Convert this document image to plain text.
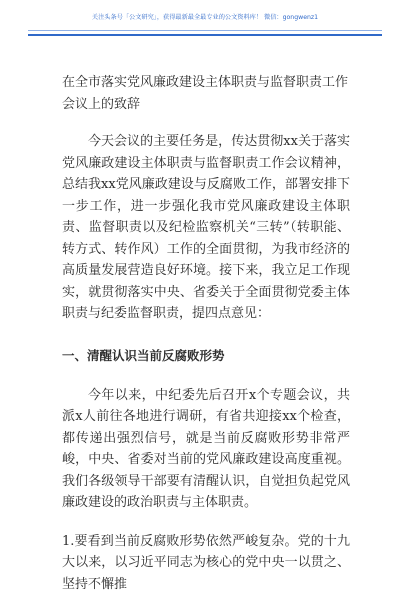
关注头条号「公文研究」，获得最新最全最专业的公文资料库！ 微信：gongwenz1

在全市落实党风廉政建设主体职责与监督职责工作会议上的致辞

今天会议的主要任务是，传达贯彻xx关于落实党风廉政建设主体职责与监督职责工作会议精神，总结我xx党风廉政建设与反腐败工作，部署安排下一步工作，进一步强化我市党风廉政建设主体职责、监督职责以及纪检监察机关“三转”（转职能、转方式、转作风）工作的全面贯彻，为我市经济的高质量发展营造良好环境。接下来，我立足工作现实，就贯彻落实中央、省委关于全面贯彻党委主体职责与纪委监督职责，提四点意见：

一、清醒认识当前反腐败形势

今年以来，中纪委先后召开x个专题会议，共派x人前往各地进行调研，有省共迎接xx个检查，都传递出强烈信号，就是当前反腐败形势非常严峻，中央、省委对当前的党风廉政建设高度重视。我们各级领导干部要有清醒认识，自觉担负起党风廉政建设的政治职责与主体职责。

1.要看到当前反腐败形势依然严峻复杂。党的十九大以来，以习近平同志为核心的党中央一以贯之、坚持不懈推
